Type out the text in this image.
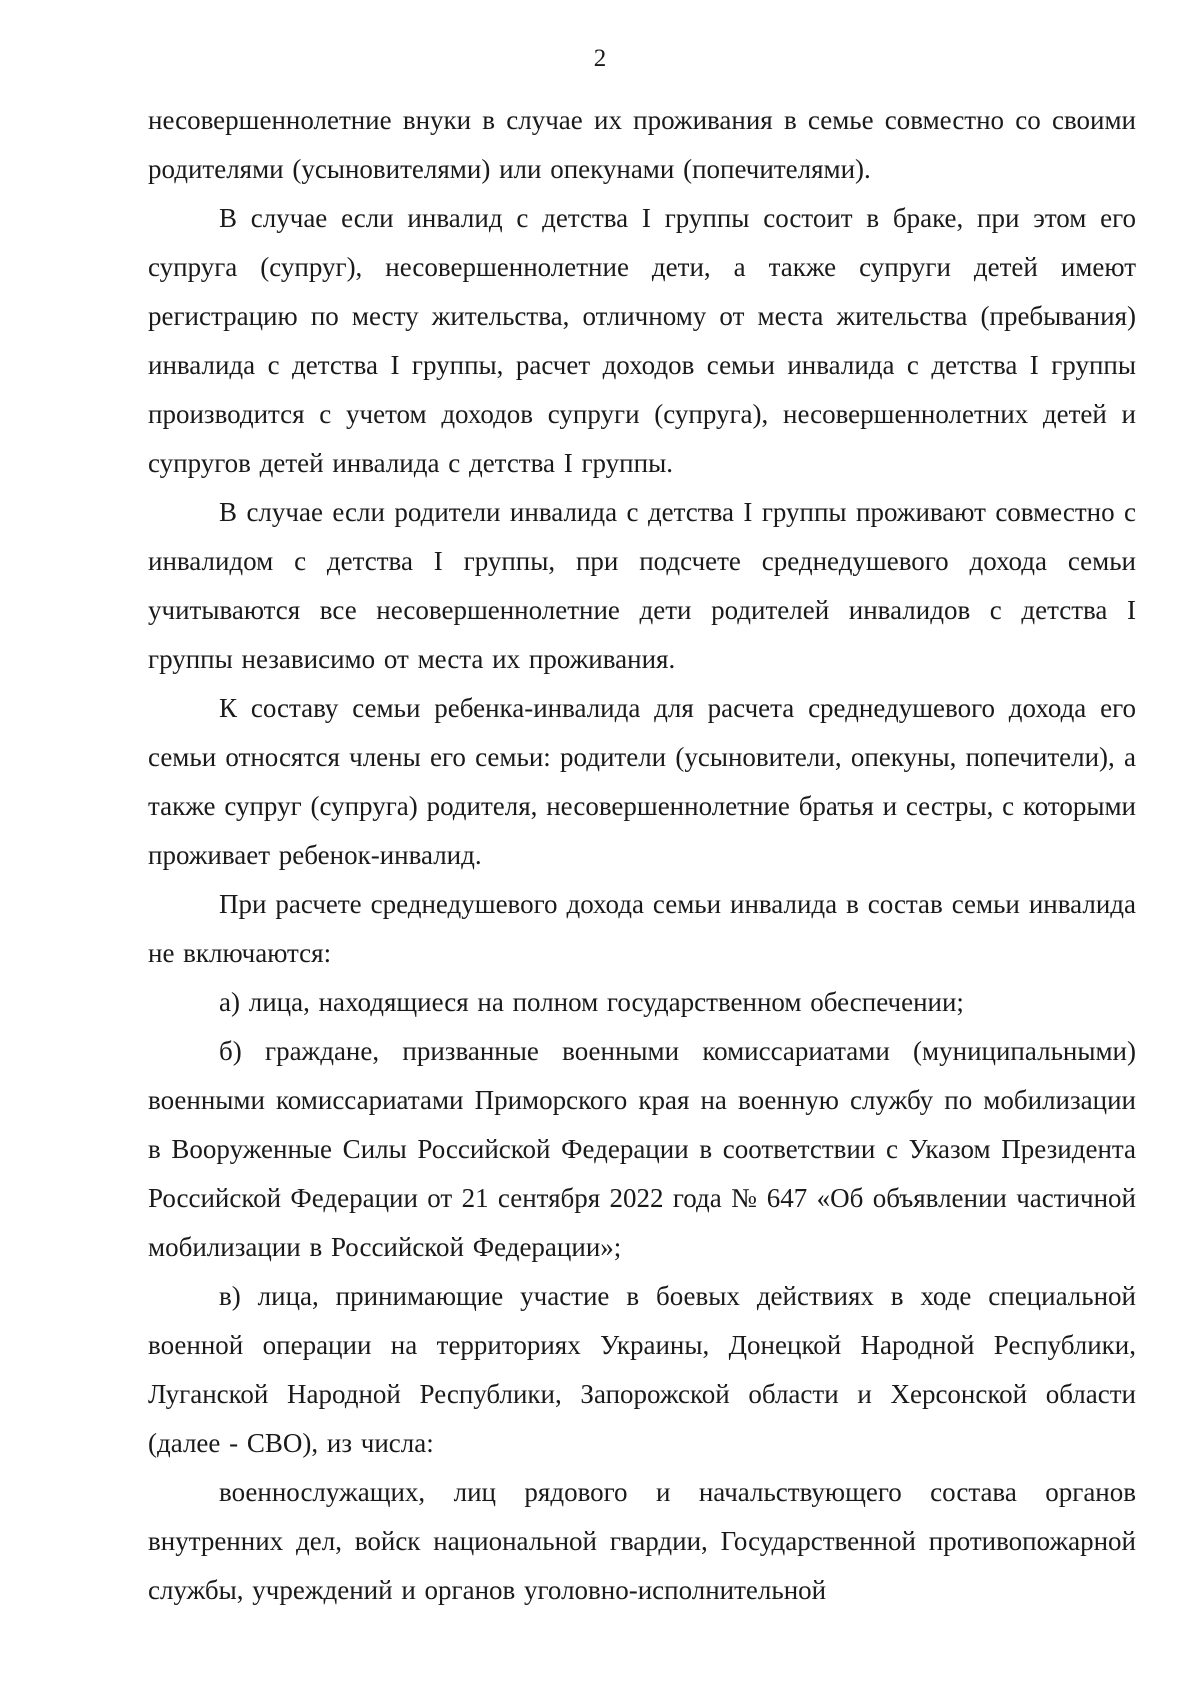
2

несовершеннолетние внуки в случае их проживания в семье совместно со своими родителями (усыновителями) или опекунами (попечителями).

В случае если инвалид с детства I группы состоит в браке, при этом его супруга (супруг), несовершеннолетние дети, а также супруги детей имеют регистрацию по месту жительства, отличному от места жительства (пребывания) инвалида с детства I группы, расчет доходов семьи инвалида с детства I группы производится с учетом доходов супруги (супруга), несовершеннолетних детей и супругов детей инвалида с детства I группы.

В случае если родители инвалида с детства I группы проживают совместно с инвалидом с детства I группы, при подсчете среднедушевого дохода семьи учитываются все несовершеннолетние дети родителей инвалидов с детства I группы независимо от места их проживания.

К составу семьи ребенка-инвалида для расчета среднедушевого дохода его семьи относятся члены его семьи: родители (усыновители, опекуны, попечители), а также супруг (супруга) родителя, несовершеннолетние братья и сестры, с которыми проживает ребенок-инвалид.

При расчете среднедушевого дохода семьи инвалида в состав семьи инвалида не включаются:

а) лица, находящиеся на полном государственном обеспечении;

б) граждане, призванные военными комиссариатами (муниципальными) военными комиссариатами Приморского края на военную службу по мобилизации в Вооруженные Силы Российской Федерации в соответствии с Указом Президента Российской Федерации от 21 сентября 2022 года № 647 «Об объявлении частичной мобилизации в Российской Федерации»;

в) лица, принимающие участие в боевых действиях в ходе специальной военной операции на территориях Украины, Донецкой Народной Республики, Луганской Народной Республики, Запорожской области и Херсонской области (далее - СВО), из числа:

военнослужащих, лиц рядового и начальствующего состава органов внутренних дел, войск национальной гвардии, Государственной противопожарной службы, учреждений и органов уголовно-исполнительной
